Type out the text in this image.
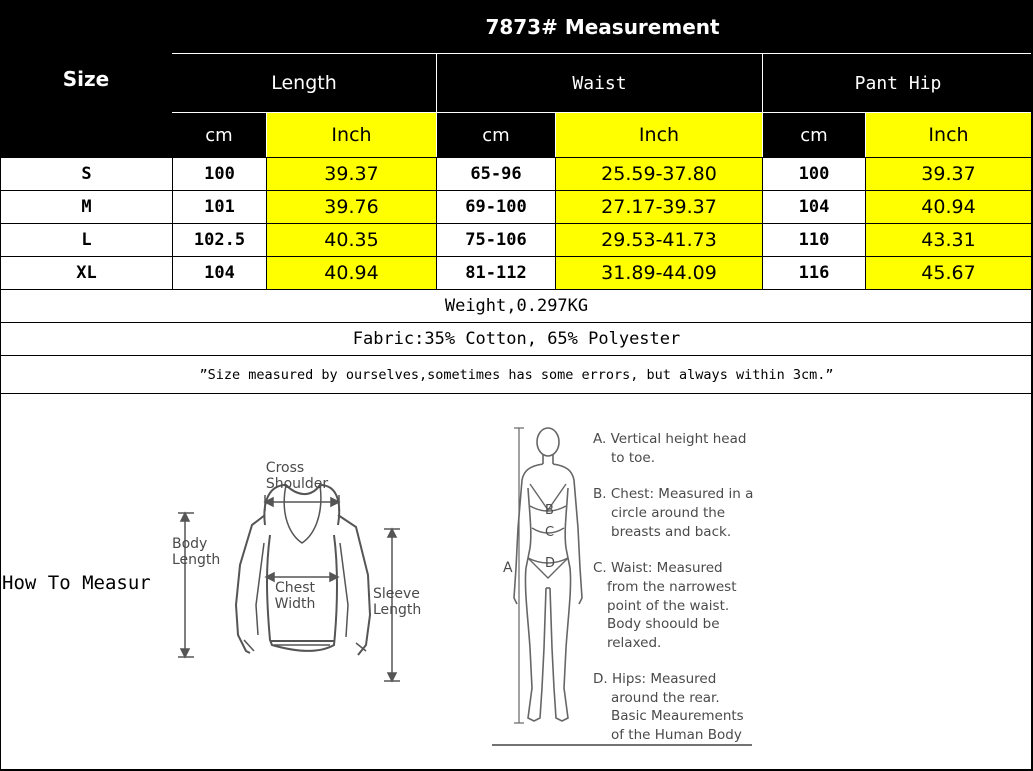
Size
7873# Measurement
Length	Waist	Pant Hip
cm	Inch	cm	Inch	cm	Inch
S	100	39.37	65-96	25.59-37.80	100	39.37
M	101	39.76	69-100	27.17-39.37	104	40.94
L	102.5	40.35	75-106	29.53-41.73	110	43.31
XL	104	40.94	81-112	31.89-44.09	116	45.67
Weight,0.297KG
Fabric:35% Cotton, 65% Polyester
”Size measured by ourselves,sometimes has some errors, but always within 3cm.”
How To Measur
Cross
Shoulder
Body
Length
Chest
Width
Sleeve
Length
A
B
C
D
A. Vertical height head
to toe.
B. Chest: Measured in a
circle around the
breasts and back.
C. Waist: Measured
from the narrowest
point of the waist.
Body shoould be
relaxed.
D. Hips: Measured
around the rear.
Basic Meaurements
of the Human Body
